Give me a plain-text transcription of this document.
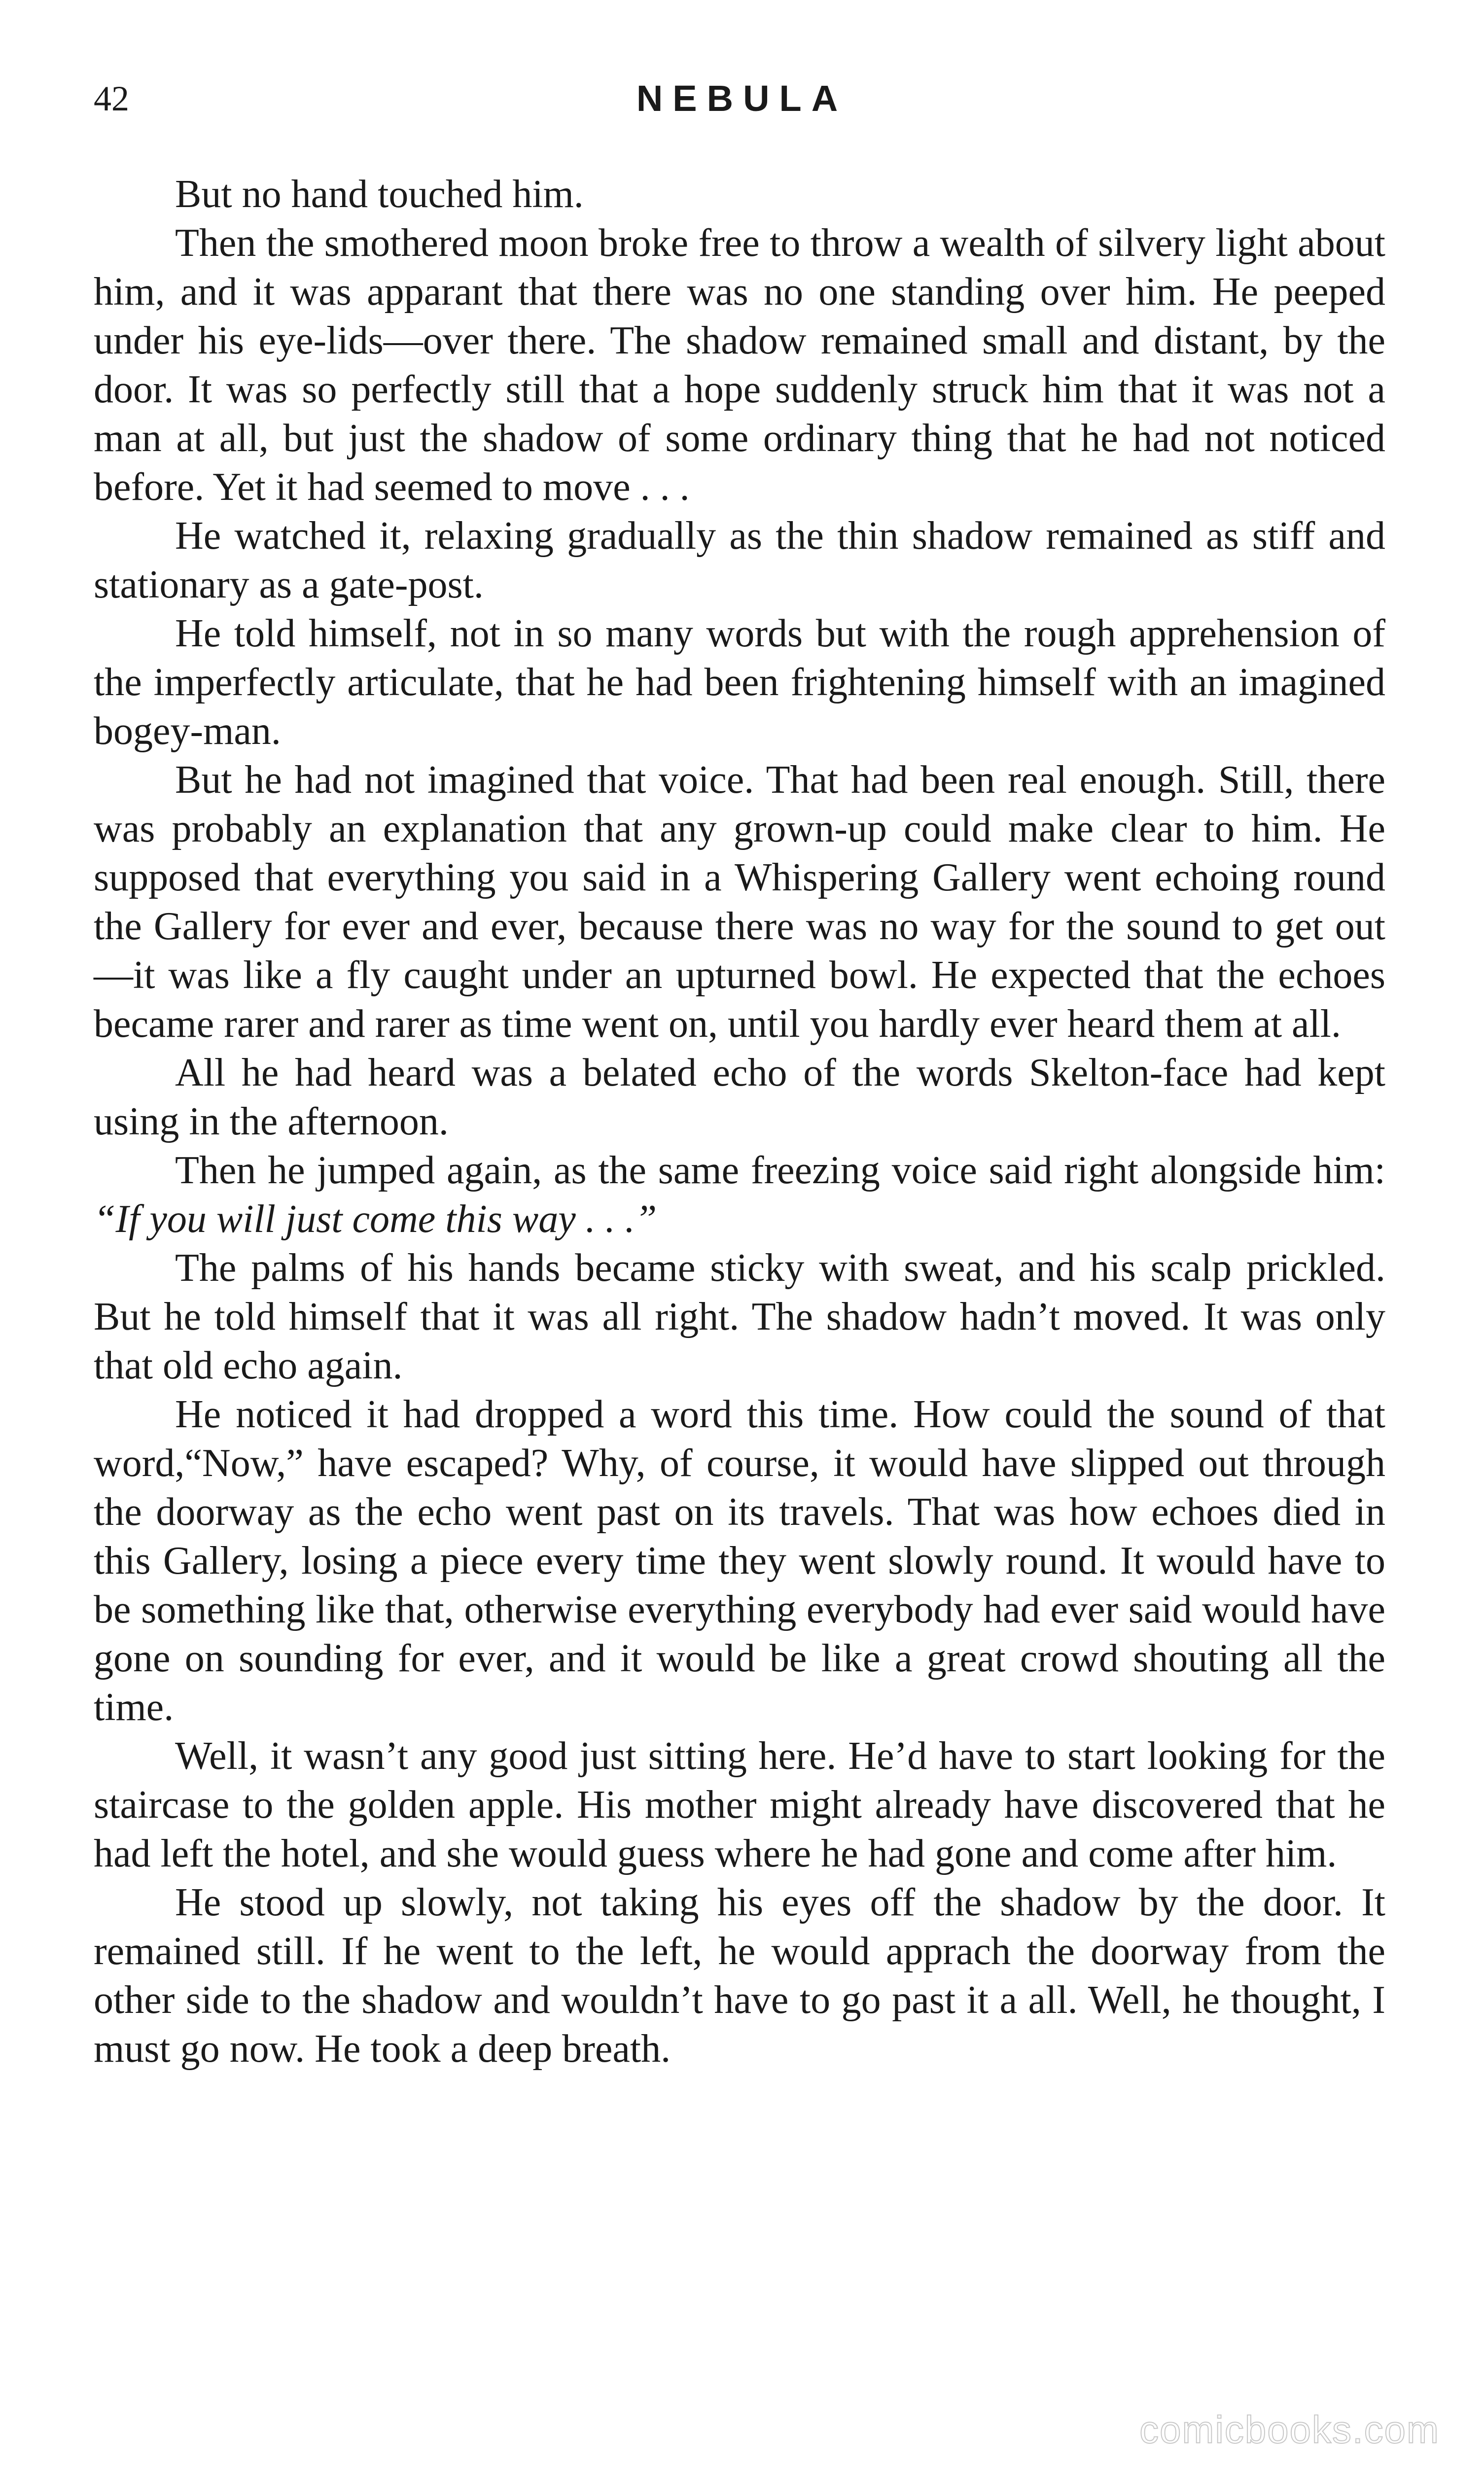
42	NEBULA

But no hand touched him.

Then the smothered moon broke free to throw a wealth of silvery light about him, and it was apparant that there was no one standing over him. He peeped under his eye-lids—over there. The shadow remained small and distant, by the door. It was so perfectly still that a hope suddenly struck him that it was not a man at all, but just the shadow of some ordinary thing that he had not noticed before. Yet it had seemed to move . . .

He watched it, relaxing gradually as the thin shadow remained as stiff and stationary as a gate-post.

He told himself, not in so many words but with the rough apprehension of the imperfectly articulate, that he had been frightening himself with an imagined bogey-man.

But he had not imagined that voice. That had been real enough. Still, there was probably an explanation that any grown-up could make clear to him. He supposed that everything you said in a Whispering Gallery went echoing round the Gallery for ever and ever, because there was no way for the sound to get out—it was like a fly caught under an upturned bowl. He expected that the echoes became rarer and rarer as time went on, until you hardly ever heard them at all.

All he had heard was a belated echo of the words Skelton-face had kept using in the afternoon.

Then he jumped again, as the same freezing voice said right alongside him: “If you will just come this way . . .”

The palms of his hands became sticky with sweat, and his scalp prickled. But he told himself that it was all right. The shadow hadn’t moved. It was only that old echo again.

He noticed it had dropped a word this time. How could the sound of that word,“Now,” have escaped? Why, of course, it would have slipped out through the doorway as the echo went past on its travels. That was how echoes died in this Gallery, losing a piece every time they went slowly round. It would have to be something like that, otherwise everything everybody had ever said would have gone on sounding for ever, and it would be like a great crowd shouting all the time.

Well, it wasn’t any good just sitting here. He’d have to start looking for the staircase to the golden apple. His mother might already have discovered that he had left the hotel, and she would guess where he had gone and come after him.

He stood up slowly, not taking his eyes off the shadow by the door. It remained still. If he went to the left, he would apprach the doorway from the other side to the shadow and wouldn’t have to go past it a all. Well, he thought, I must go now. He took a deep breath.

comicbooks.com
